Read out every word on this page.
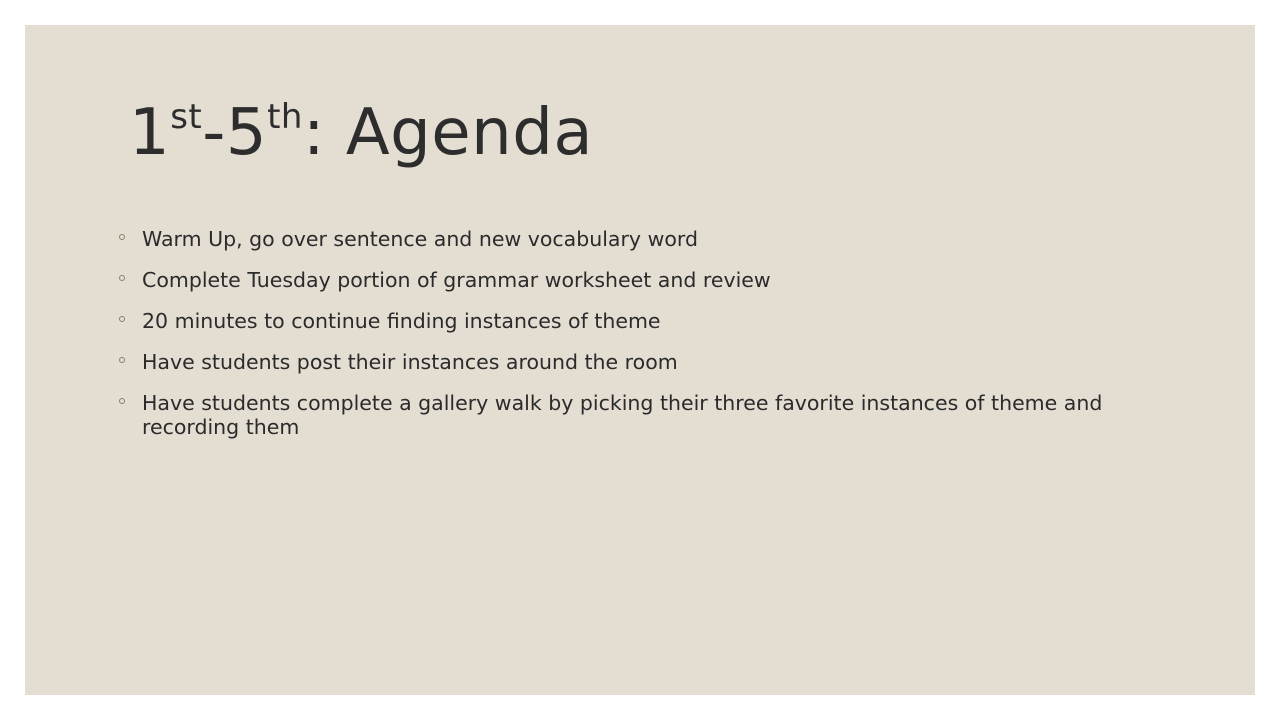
1st-5th: Agenda
Warm Up, go over sentence and new vocabulary word
Complete Tuesday portion of grammar worksheet and review
20 minutes to continue finding instances of theme
Have students post their instances around the room
Have students complete a gallery walk by picking their three favorite instances of theme and recording them
